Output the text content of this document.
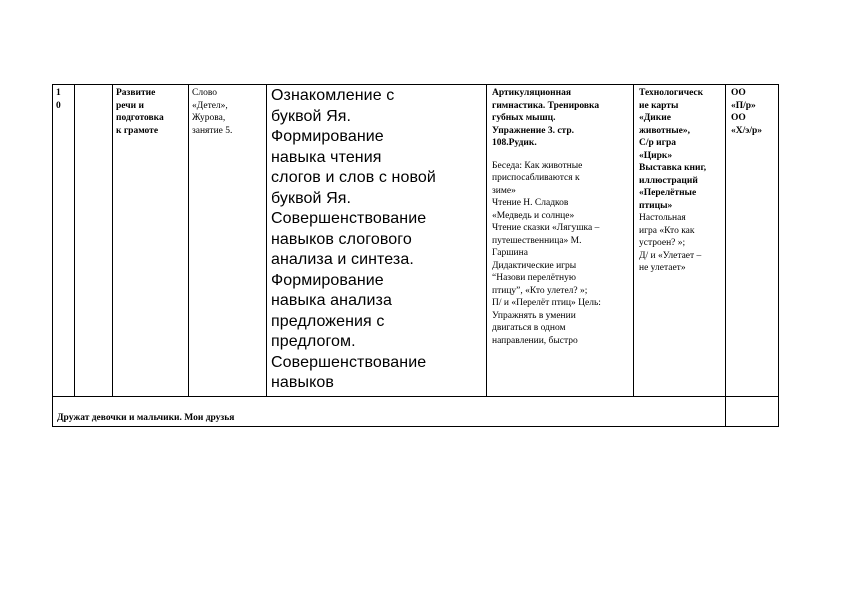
1

0

Развитие

речи и

подготовка

к грамоте

Слово

«Детел»,

Журова,

занятие 5.

Ознакомление с

буквой Яя.

Формирование

навыка чтения

слогов и слов с новой

буквой Яя.

Совершенствование

навыков слогового

анализа и синтеза.

Формирование

навыка анализа

предложения с

предлогом.

Совершенствование

навыков

Артикуляционная

гимнастика. Тренировка

губных мышц.

Упражнение 3. стр.

108.Рудик.

Беседа: Как животные

приспосабливаются к

зиме»

Чтение Н. Сладков

«Медведь и солнце»

Чтение сказки «Лягушка –

путешественница» М.

Гаршина

Дидактические игры

“Назови перелётную

птицу”, «Кто улетел? »;

П/ и «Перелёт птиц» Цель:

Упражнять в умении

двигаться в одном

направлении, быстро

Технологическ

ие карты

«Дикие

животные»,

С/р игра

«Цирк»

Выставка книг,

иллюстраций

«Перелётные

птицы»

Настольная

игра «Кто как

устроен? »;

Д/ и «Улетает –

не улетает»

ОО

«П/р»

ОО

«Х/э/р»

Дружат девочки и мальчики. Мои друзья
